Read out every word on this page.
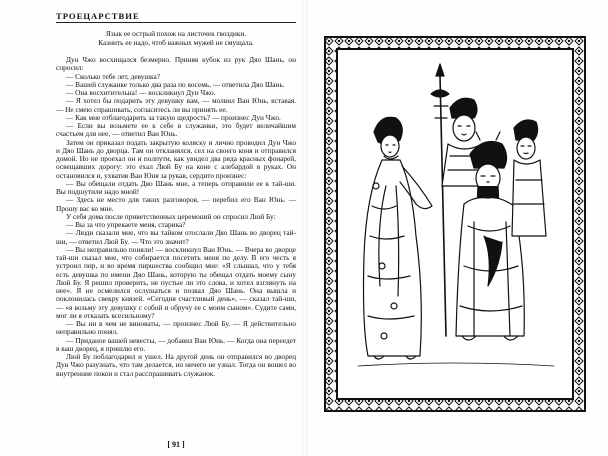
ТРОЕЦАРСТВИЕ
Язык ее острый похож на листочек гвоздики.
Казнить ее надо, чтоб важных мужей не смущала.

Дун Чжо восхищался безмерно. Приняв кубок из рук Дяо Шань, он спросил:

— Сколько тебе лет, девушка?

— Вашей служанке только два раза по восемь, — ответила Дяо Шань.

— Она восхитительна! — воскликнул Дун Чжо.

— Я хотел бы подарить эту девушку вам, — молвил Ван Юнь, вставая. — Не смею спрашивать, согласитесь ли вы принять ее.

— Как мне отблагодарить за такую щедрость? — произнес Дун Чжо.

— Если вы возьмете ее к себе в служанки, это будет величайшим счастьем для нее, — ответил Ван Юнь.

Затем он приказал подать закрытую коляску и лично проводил Дун Чжо и Дяо Шань до дворца. Там он откланялся, сел на своего коня и отправился домой. Но не проехал он и полпути, как увидел два ряда красных фонарей, освещавших дорогу: это ехал Люй Бу на коне с алебардой в руках. Он остановился и, ухватив Ван Юня за рукав, сердито произнес:

— Вы обещали отдать Дяо Шань мне, а теперь отправили ее к тай-ши. Вы подшутили надо мной!

— Здесь не место для таких разговоров, — перебил его Ван Юнь. — Прошу вас ко мне.

У себя дома после приветственных церемоний он спросил Люй Бу:

— Вы за что упрекаете меня, старика?

— Люди сказали мне, что вы тайком отослали Дяо Шань во дворец тай-ши, — ответил Люй Бу. — Что это значит?

— Вы неправильно поняли! — воскликнул Ван Юнь. — Вчера во дворце тай-ши сказал мне, что собирается посетить меня по делу. В его честь я устроил пир, и во время пиршества сообщил мне: «Я слышал, что у тебя есть девушка по имени Дяо Шань, которую ты обещал отдать моему сыну Люй Бу. Я решил проверить, не пустые ли это слова, и хотел взглянуть на нее». Я не осмелился ослушаться и позвал Дяо Шань. Она вышла и поклонилась свекру князей. «Сегодня счастливый день», — сказал тай-ши, — «я возьму эту девушку с собой и обручу ее с моим сыном». Судите сами, мог ли я отказать всесильному?

— Вы ни в чем не виноваты, — произнес Люй Бу. — Я действительно неправильно понял.

— Приданое вашей невесты, — добавил Ван Юнь. — Когда она переедет в ваш дворец, я пришлю его.

Люй Бу поблагодарил и ушел. На другой день он отправился во дворец Дун Чжо разузнать, что там делается, но ничего не узнал. Тогда он вошел во внутренние покои и стал расспрашивать служанок.

[ 91 ]
